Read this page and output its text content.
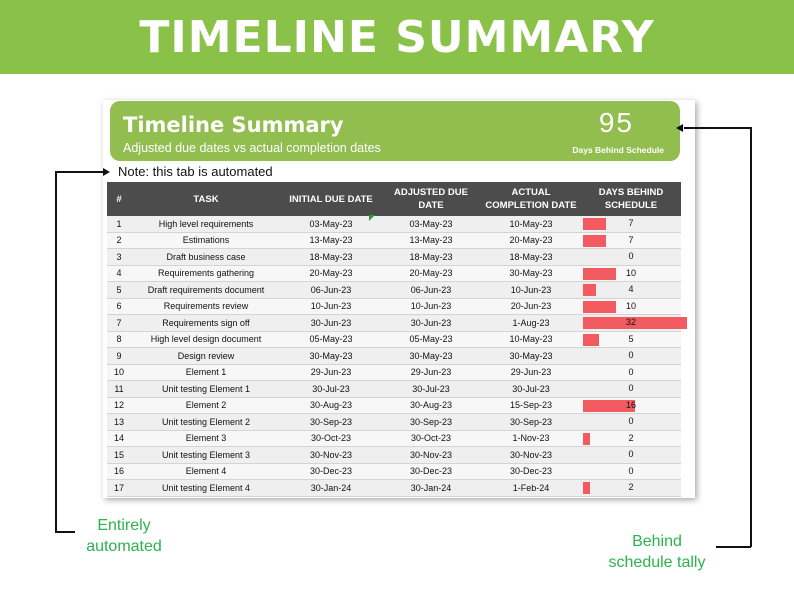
TIMELINE SUMMARY
Timeline Summary
Adjusted due dates vs actual completion dates
95
Days Behind Schedule
Note: this tab is automated
#	TASK	INITIAL DUE DATE	ADJUSTED DUE DATE	ACTUAL COMPLETION DATE	DAYS BEHIND SCHEDULE
1	High level requirements	03-May-23	03-May-23	10-May-23	7

2	Estimations	13-May-23	13-May-23	20-May-23	7

3	Draft business case	18-May-23	18-May-23	18-May-23	0

4	Requirements gathering	20-May-23	20-May-23	30-May-23	10

5	Draft requirements document	06-Jun-23	06-Jun-23	10-Jun-23	4

6	Requirements review	10-Jun-23	10-Jun-23	20-Jun-23	10

7	Requirements sign off	30-Jun-23	30-Jun-23	1-Aug-23	32

8	High level design document	05-May-23	05-May-23	10-May-23	5

9	Design review	30-May-23	30-May-23	30-May-23	0

10	Element 1	29-Jun-23	29-Jun-23	29-Jun-23	0

11	Unit testing Element 1	30-Jul-23	30-Jul-23	30-Jul-23	0

12	Element 2	30-Aug-23	30-Aug-23	15-Sep-23	16

13	Unit testing Element 2	30-Sep-23	30-Sep-23	30-Sep-23	0

14	Element 3	30-Oct-23	30-Oct-23	1-Nov-23	2

15	Unit testing Element 3	30-Nov-23	30-Nov-23	30-Nov-23	0

16	Element 4	30-Dec-23	30-Dec-23	30-Dec-23	0

17	Unit testing Element 4	30-Jan-24	30-Jan-24	1-Feb-24	2
Entirely
automated	Behind
schedule tally
